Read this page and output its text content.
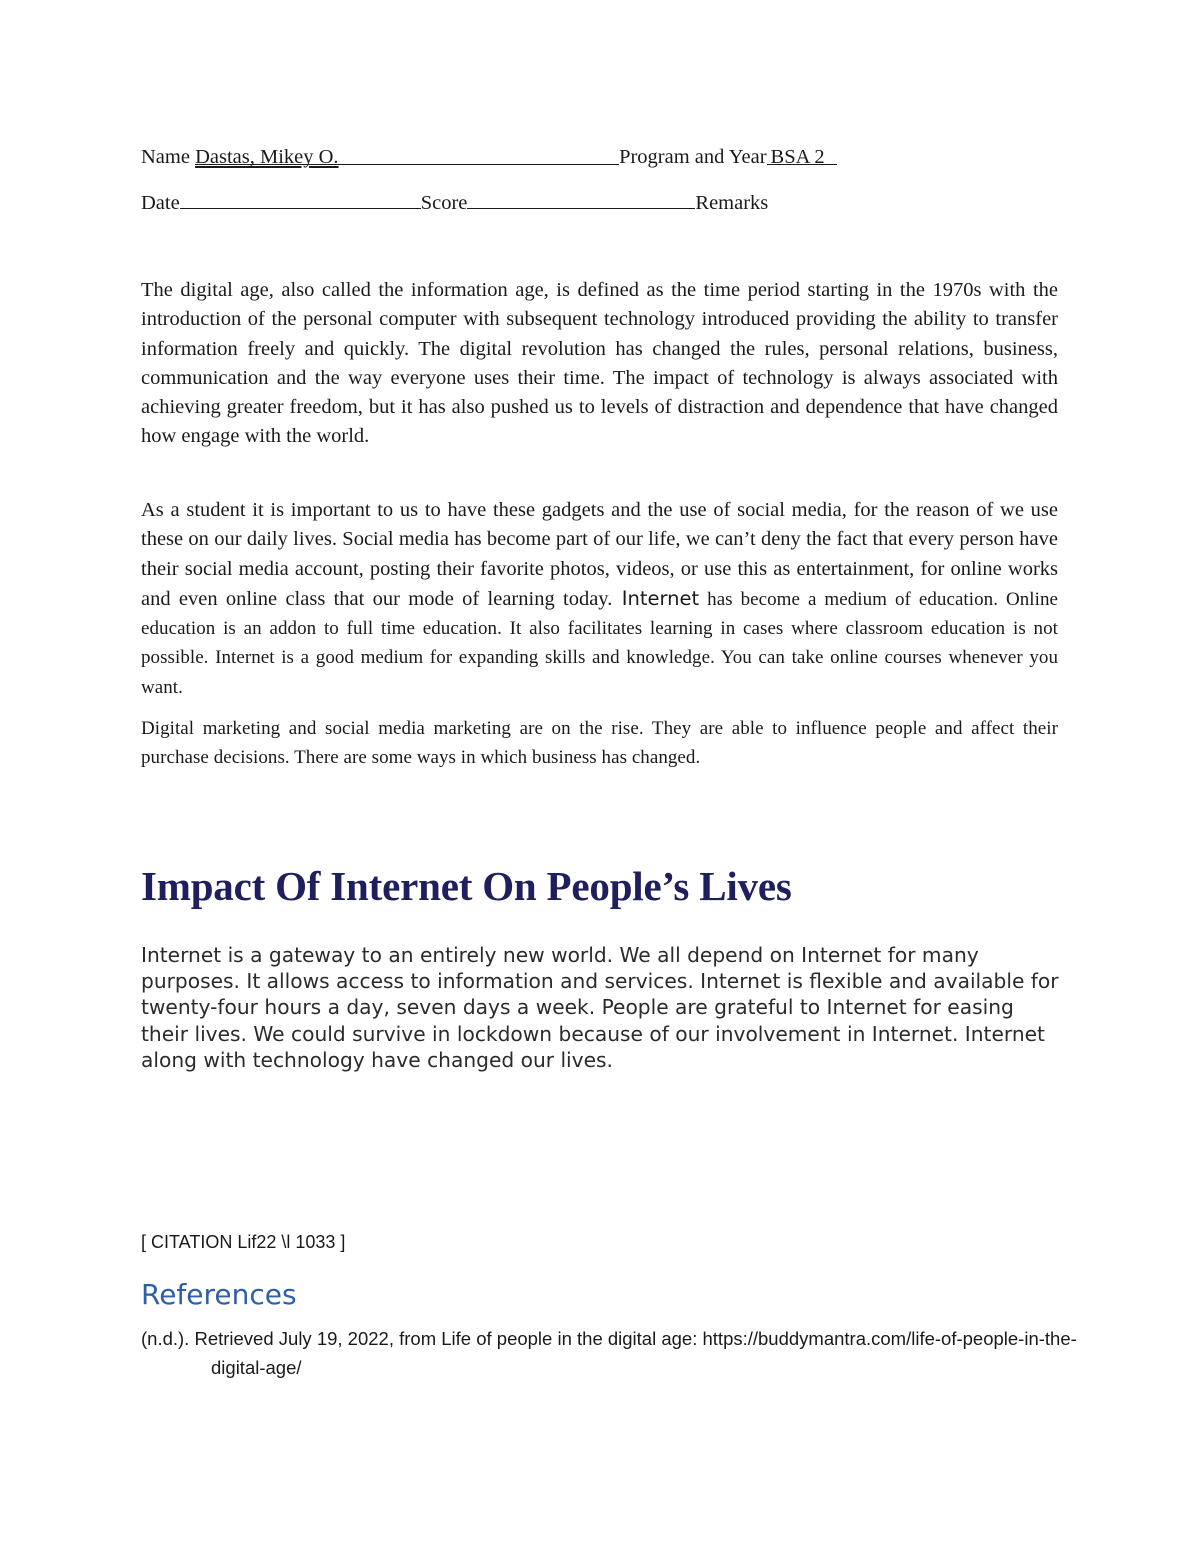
Name Dastas, Mikey O.	Program and Year BSA 2
Date	Score	Remarks
The digital age, also called the information age, is defined as the time period starting in the 1970s with the introduction of the personal computer with subsequent technology introduced providing the ability to transfer information freely and quickly. The digital revolution has changed the rules, personal relations, business, communication and the way everyone uses their time. The impact of technology is always associated with achieving greater freedom, but it has also pushed us to levels of distraction and dependence that have changed how engage with the world.
As a student it is important to us to have these gadgets and the use of social media, for the reason of we use these on our daily lives. Social media has become part of our life, we can’t deny the fact that every person have their social media account, posting their favorite photos, videos, or use this as entertainment, for online works and even online class that our mode of learning today. Internet has become a medium of education. Online education is an addon to full time education. It also facilitates learning in cases where classroom education is not possible. Internet is a good medium for expanding skills and knowledge. You can take online courses whenever you want.
Digital marketing and social media marketing are on the rise. They are able to influence people and affect their purchase decisions. There are some ways in which business has changed.
Impact Of Internet On People’s Lives
Internet is a gateway to an entirely new world. We all depend on Internet for many purposes. It allows access to information and services. Internet is flexible and available for twenty-four hours a day, seven days a week. People are grateful to Internet for easing their lives. We could survive in lockdown because of our involvement in Internet. Internet along with technology have changed our lives.
[ CITATION Lif22 \l 1033 ]
References
(n.d.). Retrieved July 19, 2022, from Life of people in the digital age: https://buddymantra.com/life-of-people-in-the-digital-age/
